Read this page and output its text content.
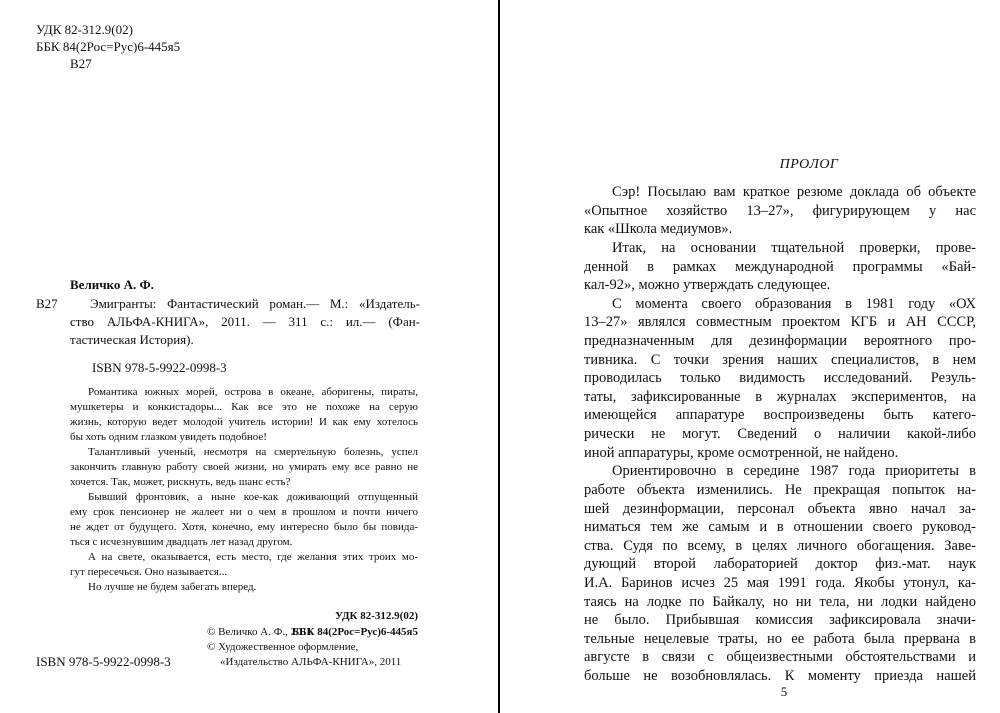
УДК 82-312.9(02)
ББК 84(2Рос=Рус)6-445я5
В27
Величко А. Ф.
В27 Эмигранты: Фантастический роман.— М.: «Издатель-
ство АЛЬФА-КНИГА», 2011. — 311 с.: ил.— (Фан-
тастическая История).
ISBN 978-5-9922-0998-3
Романтика южных морей, острова в океане, аборигены, пираты,
мушкетеры и конкистадоры... Как все это не похоже на серую
жизнь, которую ведет молодой учитель истории! И как ему хотелось
бы хоть одним глазком увидеть подобное!
Талантливый ученый, несмотря на смертельную болезнь, успел
закончить главную работу своей жизни, но умирать ему все равно не
хочется. Так, может, рискнуть, ведь шанс есть?
Бывший фронтовик, а ныне кое-как доживающий отпущенный
ему срок пенсионер не жалеет ни о чем в прошлом и почти ничего
не ждет от будущего. Хотя, конечно, ему интересно было бы повида-
ться с исчезнувшим двадцать лет назад другом.
А на свете, оказывается, есть место, где желания этих троих мо-
гут пересечься. Оно называется...
Но лучше не будем забегать вперед.
УДК 82-312.9(02)
ББК 84(2Рос=Рус)6-445я5
© Величко А. Ф., 2011
© Художественное оформление,
«Издательство АЛЬФА-КНИГА», 2011
ISBN 978-5-9922-0998-3
ПРОЛОГ
5
Сэр! Посылаю вам краткое резюме доклада об объекте
«Опытное хозяйство 13–27», фигурирующем у нас
как «Школа медиумов».
Итак, на основании тщательной проверки, прове-
денной в рамках международной программы «Бай-
кал-92», можно утверждать следующее.
С момента своего образования в 1981 году «ОХ
13–27» являлся совместным проектом КГБ и АН СССР,
предназначенным для дезинформации вероятного про-
тивника. С точки зрения наших специалистов, в нем
проводилась только видимость исследований. Резуль-
таты, зафиксированные в журналах экспериментов, на
имеющейся аппаратуре воспроизведены быть катего-
рически не могут. Сведений о наличии какой-либо
иной аппаратуры, кроме осмотренной, не найдено.
Ориентировочно в середине 1987 года приоритеты в
работе объекта изменились. Не прекращая попыток на-
шей дезинформации, персонал объекта явно начал за-
ниматься тем же самым и в отношении своего руковод-
ства. Судя по всему, в целях личного обогащения. Заве-
дующий второй лабораторией доктор физ.-мат. наук
И.А. Баринов исчез 25 мая 1991 года. Якобы утонул, ка-
таясь на лодке по Байкалу, но ни тела, ни лодки найдено
не было. Прибывшая комиссия зафиксировала значи-
тельные нецелевые траты, но ее работа была прервана в
августе в связи с общеизвестными обстоятельствами и
больше не возобновлялась. К моменту приезда нашей
